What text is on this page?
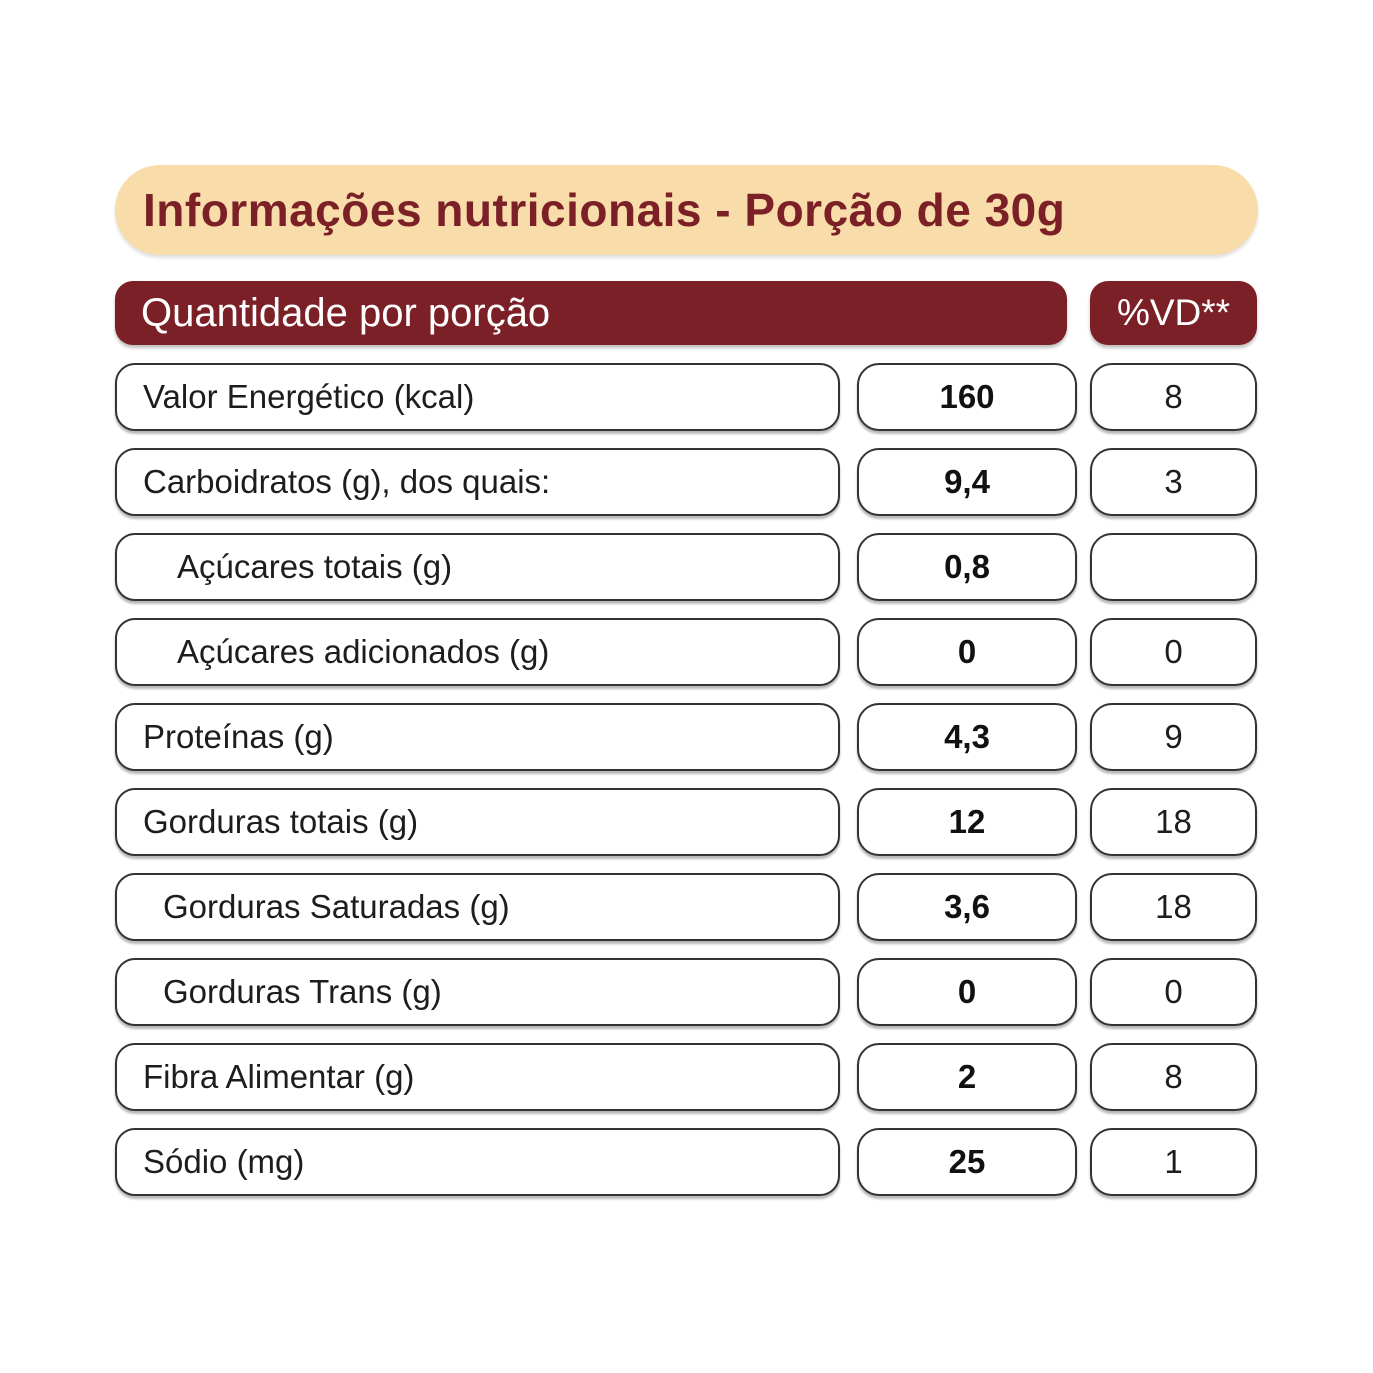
Informações nutricionais - Porção de 30g
Quantidade por porção	%VD**
Valor Energético (kcal)	160	8
Carboidratos (g), dos quais:	9,4	3
Açúcares totais (g)	0,8
Açúcares adicionados (g)	0	0
Proteínas (g)	4,3	9
Gorduras totais (g)	12	18
Gorduras Saturadas (g)	3,6	18
Gorduras Trans (g)	0	0
Fibra Alimentar (g)	2	8
Sódio (mg)	25	1
